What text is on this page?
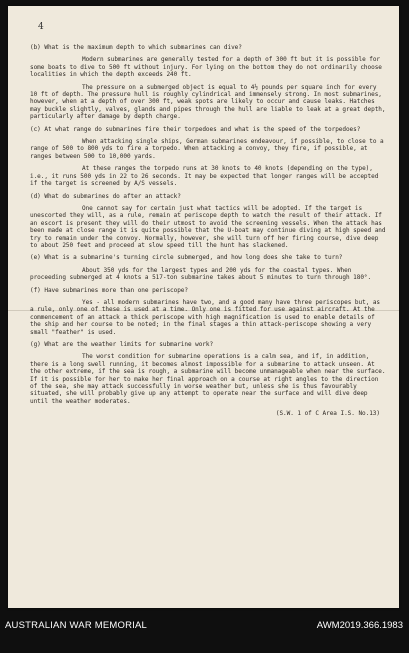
4
(b) What is the maximum depth to which submarines can dive?
Modern submarines are generally tested for a depth of 300 ft but it is possible for some boats to dive to 500 ft without injury. For lying on the bottom they do not ordinarily choose localities in which the depth exceeds 240 ft.
The pressure on a submerged object is equal to 4½ pounds per square inch for every 10 ft of depth. The pressure hull is roughly cylindrical and immensely strong. In most submarines, however, when at a depth of over 300 ft, weak spots are likely to occur and cause leaks. Hatches may buckle slightly, valves, glands and pipes through the hull are liable to leak at a great depth, particularly after damage by depth charge.
(c) At what range do submarines fire their torpedoes and what is the speed of the torpedoes?
When attacking single ships, German submarines endeavour, if possible, to close to a range of 500 to 800 yds to fire a torpedo. When attacking a convoy, they fire, if possible, at ranges between 500 to 10,000 yards.
At these ranges the torpedo runs at 30 knots to 40 knots (depending on the type), i.e., it runs 500 yds in 22 to 26 seconds. It may be expected that longer ranges will be accepted if the target is screened by A/S vessels.
(d) What do submarines do after an attack?
One cannot say for certain just what tactics will be adopted. If the target is unescorted they will, as a rule, remain at periscope depth to watch the result of their attack. If an escort is present they will do their utmost to avoid the screening vessels. When the attack has been made at close range it is quite possible that the U-boat may continue diving at high speed and try to remain under the convoy. Normally, however, she will turn off her firing course, dive deep to about 250 feet and proceed at slow speed till the hunt has slackened.
(e) What is a submarine's turning circle submerged, and how long does she take to turn?
About 350 yds for the largest types and 200 yds for the coastal types. When proceeding submerged at 4 knots a 517-ton submarine takes about 5 minutes to turn through 180°.
(f) Have submarines more than one periscope?
Yes - all modern submarines have two, and a good many have three periscopes but, as a rule, only one of these is used at a time. Only one is fitted for use against aircraft. At the commencement of an attack a thick periscope with high magnification is used to enable details of the ship and her course to be noted; in the final stages a thin attack-periscope showing a very small "feather" is used.
(g) What are the weather limits for submarine work?
The worst condition for submarine operations is a calm sea, and if, in addition, there is a long swell running, it becomes almost impossible for a submarine to attack unseen. At the other extreme, if the sea is rough, a submarine will become unmanageable when near the surface. If it is possible for her to make her final approach on a course at right angles to the direction of the sea, she may attack successfully in worse weather but, unless she is thus favourably situated, she will probably give up any attempt to operate near the surface and will dive deep until the weather moderates.
(S.W. 1 of C Area I.S. No.13)
AUSTRALIAN WAR MEMORIAL	AWM2019.366.1983
